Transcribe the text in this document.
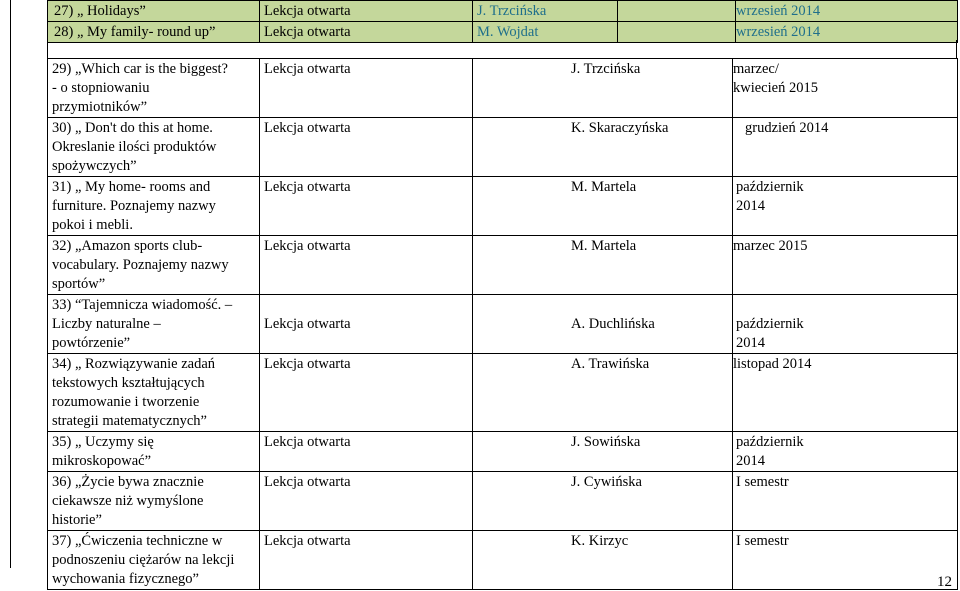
27) „ Holidays”	Lekcja otwarta	J. Trzcińska		wrzesień 2014
28) „ My family- round up”	Lekcja otwarta	M. Wojdat		wrzesień 2014
29) „Which car is the biggest?
- o stopniowaniu
przymiotników”	Lekcja otwarta	J. Trzcińska	marzec/
kwiecień 2015
30) „ Don't do this at home.
Okreslanie ilości produktów
spożywczych”	Lekcja otwarta	K. Skaraczyńska	grudzień 2014
31) „ My home- rooms and
furniture. Poznajemy nazwy
pokoi i mebli.	Lekcja otwarta	M. Martela	październik
2014
32) „Amazon sports club-
vocabulary. Poznajemy nazwy
sportów”	Lekcja otwarta	M. Martela	marzec 2015
33) “Tajemnicza wiadomość. –
Liczby naturalne –
powtórzenie”	Lekcja otwarta	A. Duchlińska	październik
2014
34) „ Rozwiązywanie zadań
tekstowych kształtujących
rozumowanie i tworzenie
strategii matematycznych”	Lekcja otwarta	A. Trawińska	listopad 2014
35) „ Uczymy się
mikroskopować”	Lekcja otwarta	J. Sowińska	październik
2014
36) „Życie bywa znacznie
ciekawsze niż wymyślone
historie”	Lekcja otwarta	J. Cywińska	I semestr
37) „Ćwiczenia techniczne w
podnoszeniu ciężarów na lekcji
wychowania fizycznego”	Lekcja otwarta	K. Kirzyc	I semestr
12
